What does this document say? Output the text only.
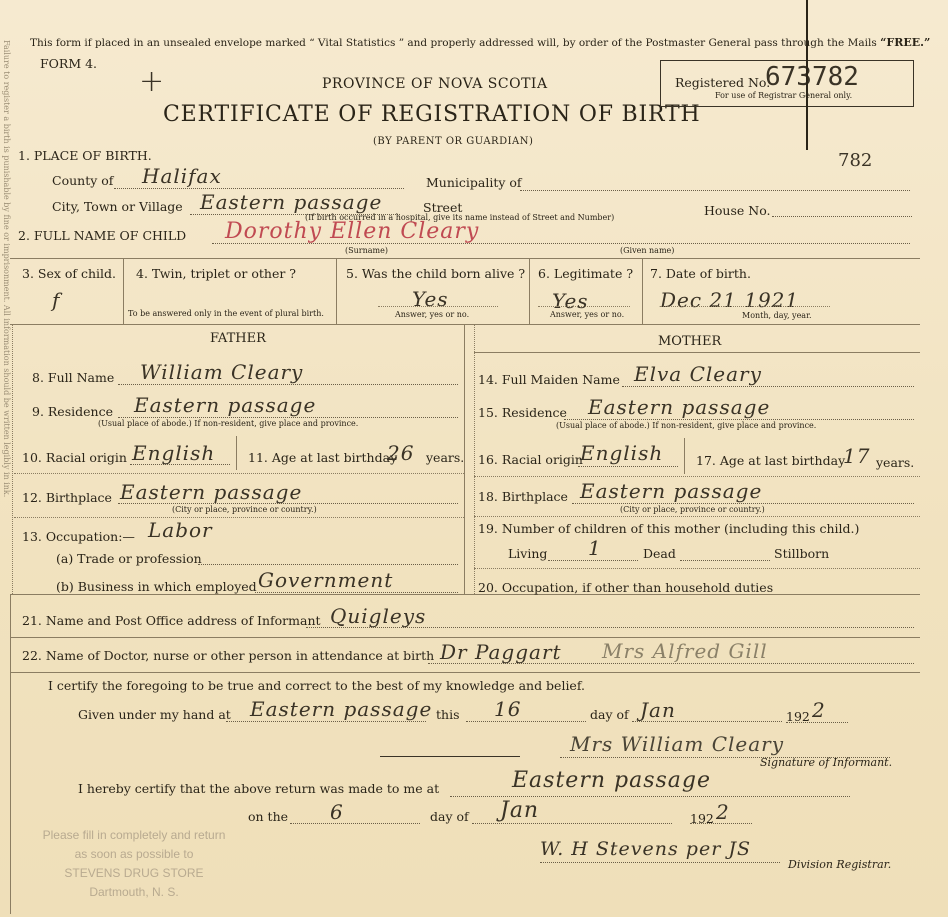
Failure to register a birth is punishable by fine or imprisonment. All information should be written legibly in ink. This form if placed in an unsealed envelope marked “ Vital Statistics ” and properly addressed will, by order of the Postmaster General pass through the Mails “FREE.”
FORM 4.
+	PROVINCE OF NOVA SCOTIA
CERTIFICATE OF REGISTRATION OF BIRTH
(BY PARENT OR GUARDIAN)
Registered No.
673782
For use of Registrar General only.
782
1. PLACE OF BIRTH.
County of Halifax	Municipality of
City, Town or Village Eastern passage	Street
(If birth occurred in a hospital, give its name instead of Street and Number)	House No.
2. FULL NAME OF CHILD Dorothy Ellen Cleary
(Surname)	(Given name)
3. Sex of child.
f
4. Twin, triplet or other ?
To be answered only in the event of plural birth.
5. Was the child born alive ?
Yes
Answer, yes or no.
6. Legitimate ?
Yes
Answer, yes or no.
7. Date of birth.
Dec 21 1921
Month, day, year.
FATHER	MOTHER
8. Full Name William Cleary
9. Residence Eastern passage
(Usual place of abode.) If non-resident, give place and province.
10. Racial origin English	11. Age at last birthday
26 years.
12. Birthplace Eastern passage
(City or place, province or country.)
13. Occupation:— Labor
(a) Trade or profession
(b) Business in which employed Government
14. Full Maiden Name Elva Cleary
15. Residence Eastern passage
(Usual place of abode.) If non-resident, give place and province.
16. Racial origin
English	17. Age at last birthday
17 years.
18. Birthplace Eastern passage
(City or place, province or country.)
19. Number of children of this mother (including this child.)
Living 1	Dead	Stillborn
20. Occupation, if other than household duties
21. Name and Post Office address of Informant Quigleys
22. Name of Doctor, nurse or other person in attendance at birth Dr Paggart Mrs Alfred Gill
I certify the foregoing to be true and correct to the best of my knowledge and belief.
Given under my hand at Eastern passage this 16	day of Jan	192 2
Mrs William Cleary
Signature of Informant.
I hereby certify that the above return was made to me at	Eastern passage
on the 6	day of Jan	192 2
W. H Stevens per JS
Division Registrar.
Please fill in completely and return
as soon as possible to
STEVENS DRUG STORE
Dartmouth, N. S.
